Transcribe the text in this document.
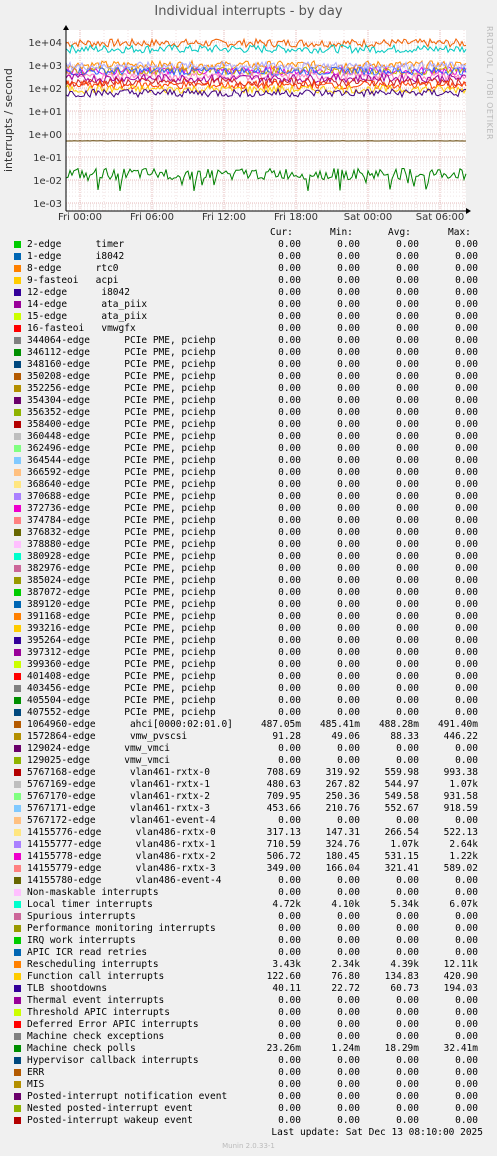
Individual interrupts - by day
RRDTOOL / TOBI OETIKER
interrupts / second
1e+04
1e+03
1e+02
1e+01
1e+00
1e-01
1e-02
1e-03
Fri 00:00	Fri 06:00	Fri 12:00	Fri 18:00	Sat 00:00 Sat 06:00
Cur:	Min:	Avg:	Max:
2-edge      timer	0.00	0.00	0.00	0.00
1-edge      i8042	0.00	0.00	0.00	0.00
8-edge      rtc0	0.00	0.00	0.00	0.00
9-fasteoi   acpi	0.00	0.00	0.00	0.00
12-edge      i8042	0.00	0.00	0.00	0.00
14-edge      ata_piix	0.00	0.00	0.00	0.00
15-edge      ata_piix	0.00	0.00	0.00	0.00
16-fasteoi   vmwgfx	0.00	0.00	0.00	0.00
344064-edge      PCIe PME, pciehp	0.00	0.00	0.00	0.00
346112-edge      PCIe PME, pciehp	0.00	0.00	0.00	0.00
348160-edge      PCIe PME, pciehp	0.00	0.00	0.00	0.00
350208-edge      PCIe PME, pciehp	0.00	0.00	0.00	0.00
352256-edge      PCIe PME, pciehp	0.00	0.00	0.00	0.00
354304-edge      PCIe PME, pciehp	0.00	0.00	0.00	0.00
356352-edge      PCIe PME, pciehp	0.00	0.00	0.00	0.00
358400-edge      PCIe PME, pciehp	0.00	0.00	0.00	0.00
360448-edge      PCIe PME, pciehp	0.00	0.00	0.00	0.00
362496-edge      PCIe PME, pciehp	0.00	0.00	0.00	0.00
364544-edge      PCIe PME, pciehp	0.00	0.00	0.00	0.00
366592-edge      PCIe PME, pciehp	0.00	0.00	0.00	0.00
368640-edge      PCIe PME, pciehp	0.00	0.00	0.00	0.00
370688-edge      PCIe PME, pciehp	0.00	0.00	0.00	0.00
372736-edge      PCIe PME, pciehp	0.00	0.00	0.00	0.00
374784-edge      PCIe PME, pciehp	0.00	0.00	0.00	0.00
376832-edge      PCIe PME, pciehp	0.00	0.00	0.00	0.00
378880-edge      PCIe PME, pciehp	0.00	0.00	0.00	0.00
380928-edge      PCIe PME, pciehp	0.00	0.00	0.00	0.00
382976-edge      PCIe PME, pciehp	0.00	0.00	0.00	0.00
385024-edge      PCIe PME, pciehp	0.00	0.00	0.00	0.00
387072-edge      PCIe PME, pciehp	0.00	0.00	0.00	0.00
389120-edge      PCIe PME, pciehp	0.00	0.00	0.00	0.00
391168-edge      PCIe PME, pciehp	0.00	0.00	0.00	0.00
393216-edge      PCIe PME, pciehp	0.00	0.00	0.00	0.00
395264-edge      PCIe PME, pciehp	0.00	0.00	0.00	0.00
397312-edge      PCIe PME, pciehp	0.00	0.00	0.00	0.00
399360-edge      PCIe PME, pciehp	0.00	0.00	0.00	0.00
401408-edge      PCIe PME, pciehp	0.00	0.00	0.00	0.00
403456-edge      PCIe PME, pciehp	0.00	0.00	0.00	0.00
405504-edge      PCIe PME, pciehp	0.00	0.00	0.00	0.00
407552-edge      PCIe PME, pciehp	0.00	0.00	0.00	0.00
1064960-edge      ahci[0000:02:01.0]	487.05m	485.41m	488.28m	491.40m
1572864-edge      vmw_pvscsi	91.28	49.06	88.33	446.22
129024-edge      vmw_vmci	0.00	0.00	0.00	0.00
129025-edge      vmw_vmci	0.00	0.00	0.00	0.00
5767168-edge      vlan461-rxtx-0	708.69	319.92	559.98	993.38
5767169-edge      vlan461-rxtx-1	480.63	267.82	544.97	1.07k
5767170-edge      vlan461-rxtx-2	709.95	250.36	549.58	931.58
5767171-edge      vlan461-rxtx-3	453.66	210.76	552.67	918.59
5767172-edge      vlan461-event-4	0.00	0.00	0.00	0.00
14155776-edge      vlan486-rxtx-0	317.13	147.31	266.54	522.13
14155777-edge      vlan486-rxtx-1	710.59	324.76	1.07k	2.64k
14155778-edge      vlan486-rxtx-2	506.72	180.45	531.15	1.22k
14155779-edge      vlan486-rxtx-3	349.00	166.04	321.41	589.02
14155780-edge      vlan486-event-4	0.00	0.00	0.00	0.00
Non-maskable interrupts	0.00	0.00	0.00	0.00
Local timer interrupts	4.72k	4.10k	5.34k	6.07k
Spurious interrupts	0.00	0.00	0.00	0.00
Performance monitoring interrupts	0.00	0.00	0.00	0.00
IRQ work interrupts	0.00	0.00	0.00	0.00
APIC ICR read retries	0.00	0.00	0.00	0.00
Rescheduling interrupts	3.43k	2.34k	4.39k	12.11k
Function call interrupts	122.60	76.80	134.83	420.90
TLB shootdowns	40.11	22.72	60.73	194.03
Thermal event interrupts	0.00	0.00	0.00	0.00
Threshold APIC interrupts	0.00	0.00	0.00	0.00
Deferred Error APIC interrupts	0.00	0.00	0.00	0.00
Machine check exceptions	0.00	0.00	0.00	0.00
Machine check polls	23.26m	1.24m	18.29m	32.41m
Hypervisor callback interrupts	0.00	0.00	0.00	0.00
ERR	0.00	0.00	0.00	0.00
MIS	0.00	0.00	0.00	0.00
Posted-interrupt notification event	0.00	0.00	0.00	0.00
Nested posted-interrupt event	0.00	0.00	0.00	0.00
Posted-interrupt wakeup event	0.00	0.00	0.00	0.00
Last update: Sat Dec 13 08:10:00 2025
Munin 2.0.33-1
